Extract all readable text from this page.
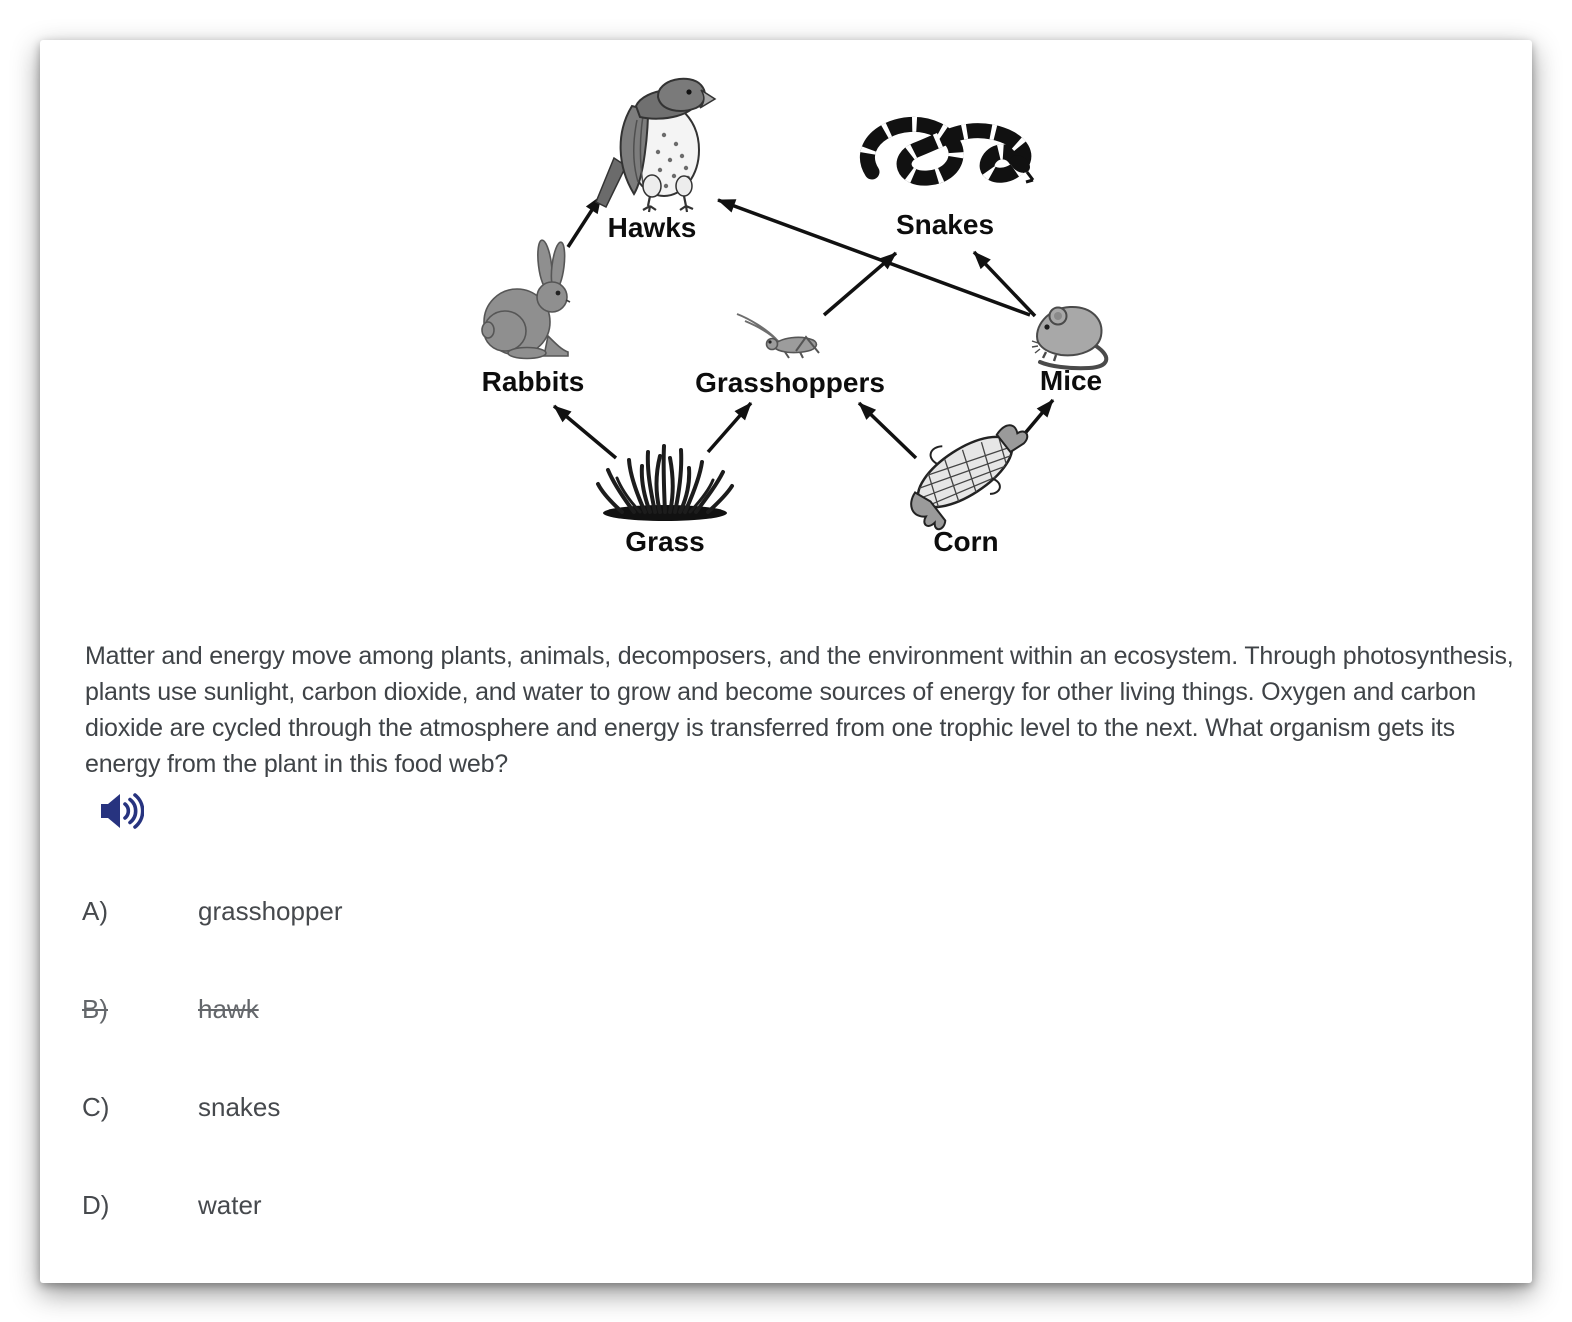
Hawks	Snakes
Rabbits	Grasshoppers	Mice
Grass	Corn
Matter and energy move among plants, animals, decomposers, and the environment within an ecosystem. Through photosynthesis, plants use sunlight, carbon dioxide, and water to grow and become sources of energy for other living things. Oxygen and carbon dioxide are cycled through the atmosphere and energy is transferred from one trophic level to the next. What organism gets its energy from the plant in this food web?
A)	grasshopper
B)	hawk
C)	snakes
D)	water
